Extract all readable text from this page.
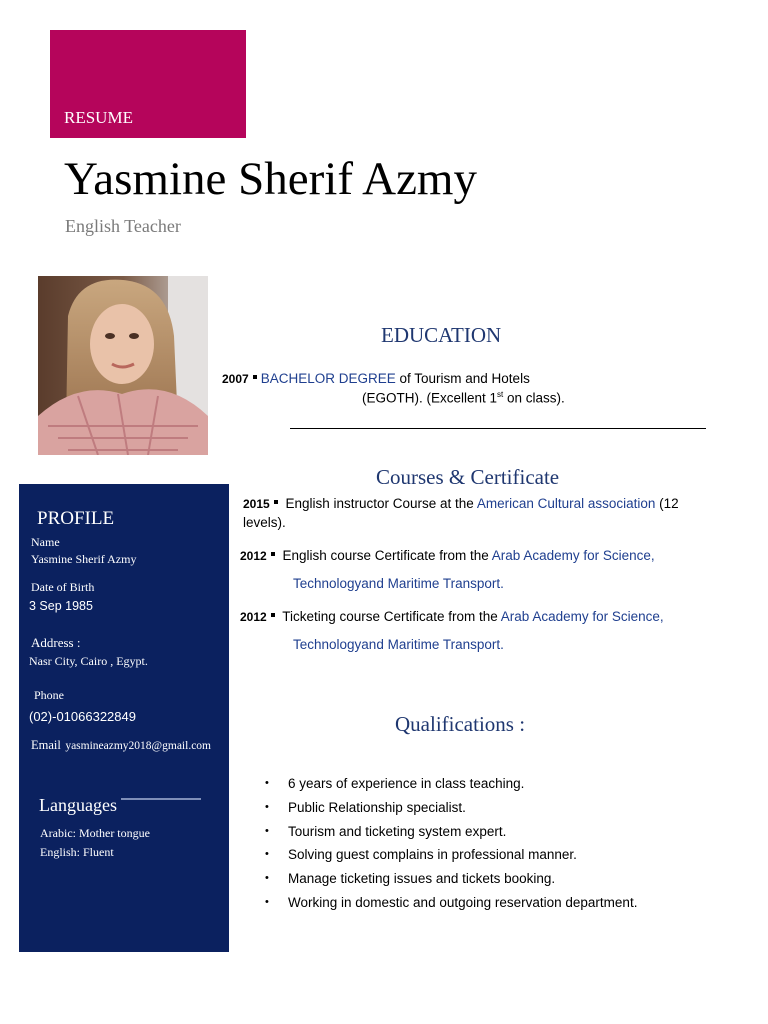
RESUME
Yasmine Sherif Azmy
English Teacher
PROFILE
Name
Yasmine Sherif Azmy
Date of Birth
3 Sep 1985
Address :
Nasr City, Cairo , Egypt.
Phone
(02)-01066322849
Email yasmineazmy2018@gmail.com
Languages
Arabic: Mother tongue
English: Fluent
EDUCATION
2007 BACHELOR DEGREE of Tourism and Hotels
(EGOTH). (Excellent 1st on class).
Courses & Certificate
2015 English instructor Course at the American Cultural association (12
levels).
2012 English course Certificate from the Arab Academy for Science,
Technologyand Maritime Transport.
2012 Ticketing course Certificate from the Arab Academy for Science,
Technologyand Maritime Transport.
Qualifications :
• 6 years of experience in class teaching.
• Public Relationship specialist.
• Tourism and ticketing system expert.
• Solving guest complains in professional manner.
• Manage ticketing issues and tickets booking.
• Working in domestic and outgoing reservation department.
